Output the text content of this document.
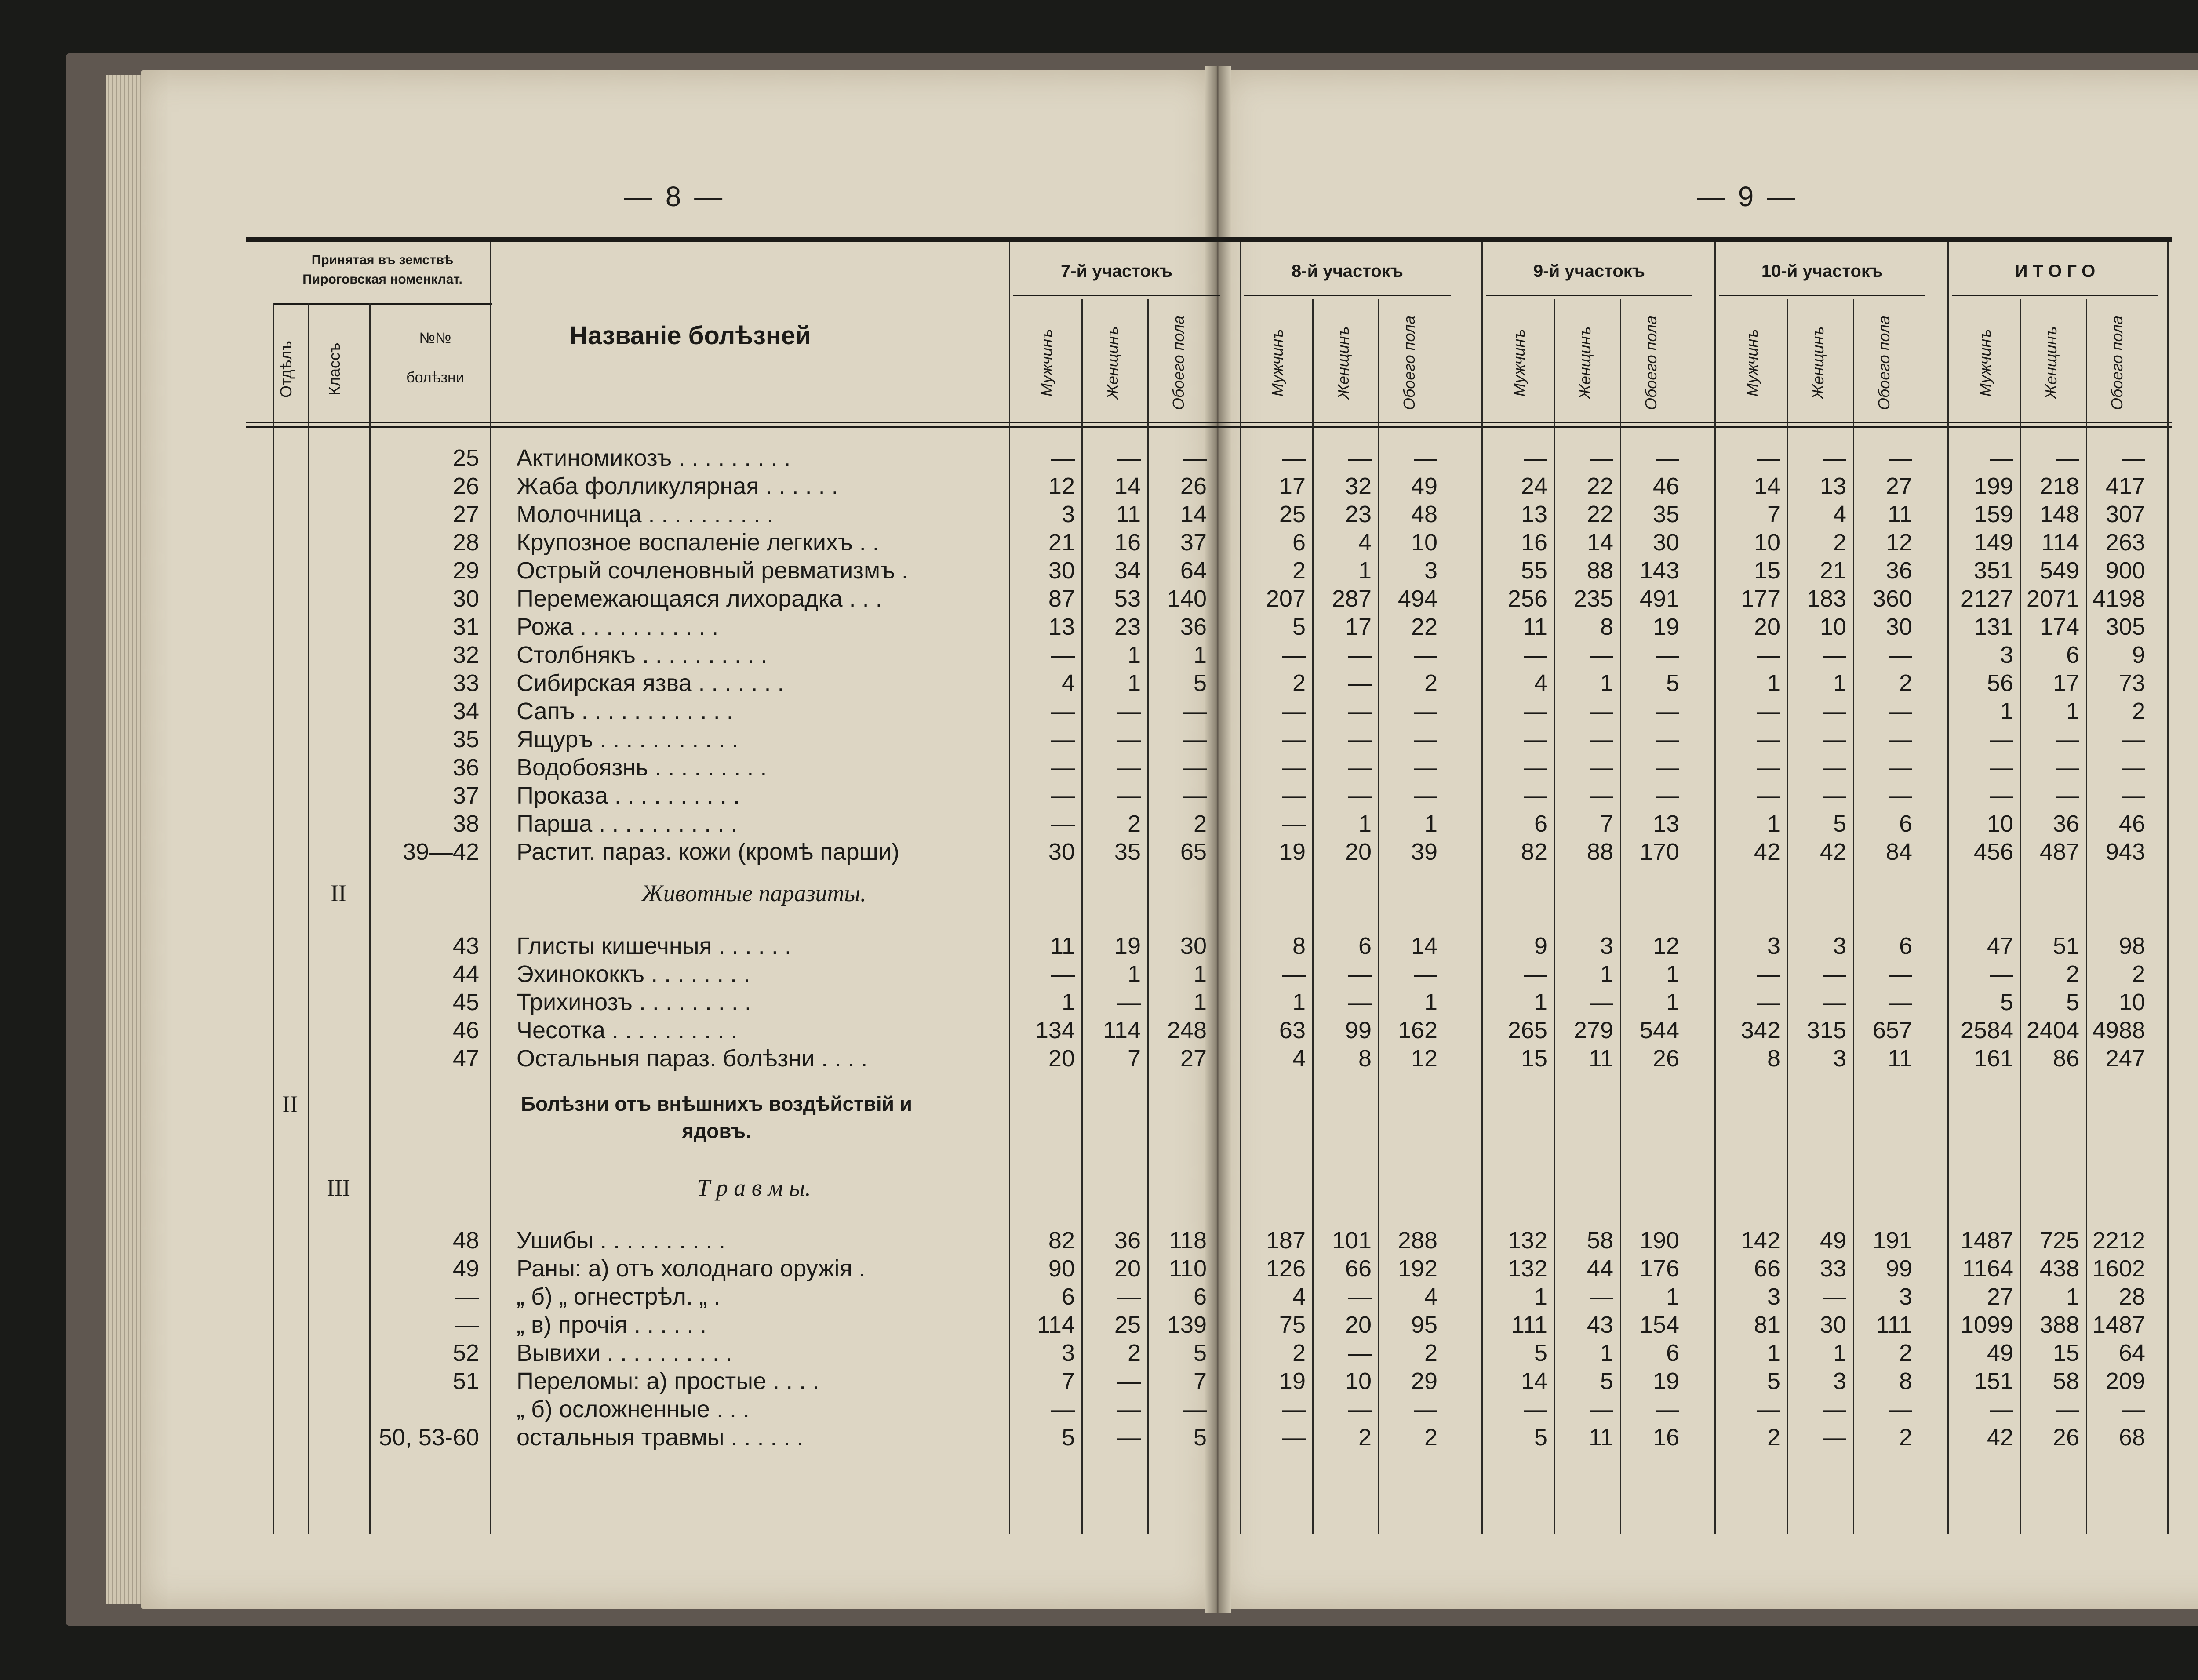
— 8 —	— 9 —
Принятая въ земствѣ Пироговская номенклат.
Отдѣлъ Классъ
№№
болѣзни
Названіе болѣзней
7-й участокъ
Мужчинъ	Женщинъ	Обоего пола
8-й участокъ
Мужчинъ	Женщинъ	Обоего пола
9-й участокъ
Мужчинъ	Женщинъ	Обоего пола
10-й участокъ
Мужчинъ	Женщинъ	Обоего пола
И Т О Г О
Мужчинъ	Женщинъ	Обоего пола
25 Актиномикозъ . . . . . . . . .	—	—	—	—	—	—	—	—	—	—	—	—	—	—	—
26 Жаба фолликулярная . . . . . .	12	14	26	17	32	49	24	22	46	14	13	27	199	218	417
27 Молочница . . . . . . . . . .	3	11	14	25	23	48	13	22	35	7	4	11	159	148	307
28 Крупозное воспаленіе легкихъ . .	21	16	37	6	4	10	16	14	30	10	2	12	149	114	263
29 Острый сочленовный ревматизмъ .	30	34	64	2	1	3	55	88	143	15	21	36	351	549	900
30 Перемежающаяся лихорадка . . .	87	53	140	207	287	494	256	235	491	177	183	360	2127 2071 4198
31 Рожа . . . . . . . . . . .	13	23	36	5	17	22	11	8	19	20	10	30	131	174	305
32 Столбнякъ . . . . . . . . . .	—	1	1	—	—	—	—	—	—	—	—	—	3	6	9
33 Сибирская язва . . . . . . .	4	1	5	2	—	2	4	1	5	1	1	2	56	17	73
34 Сапъ . . . . . . . . . . . .	—	—	—	—	—	—	—	—	—	—	—	—	1	1	2
35 Ящуръ . . . . . . . . . . .	—	—	—	—	—	—	—	—	—	—	—	—	—	—	—
36 Водобоязнь . . . . . . . . .	—	—	—	—	—	—	—	—	—	—	—	—	—	—	—
37 Проказа . . . . . . . . . .	—	—	—	—	—	—	—	—	—	—	—	—	—	—	—
38 Парша . . . . . . . . . . .	—	2	2	—	1	1	6	7	13	1	5	6	10	36	46
39—42 Растит. параз. кожи (кромѣ парши)	30	35	65	19	20	39	82	88	170	42	42	84	456	487	943
II	Животные паразиты.
43 Глисты кишечныя . . . . . .	11	19	30	8	6	14	9	3	12	3	3	6	47	51	98
44 Эхинококкъ . . . . . . . .	—	1	1	—	—	—	—	1	1	—	—	—	—	2	2
45 Трихинозъ . . . . . . . . .	1	—	1	1	—	1	1	—	1	—	—	—	5	5	10
46 Чесотка . . . . . . . . . .	134	114	248	63	99	162	265	279	544	342	315	657	2584 2404 4988
47 Остальныя параз. болѣзни . . . .	20	7	27	4	8	12	15	11	26	8	3	11	161	86	247
II	Болѣзни отъ внѣшнихъ воздѣйствій и ядовъ.
III	Т р а в м ы.
48 Ушибы . . . . . . . . . .	82	36	118	187	101	288	132	58	190	142	49	191	1487	725 2212
49 Раны: а) отъ холоднаго оружія .	90	20	110	126	66	192	132	44	176	66	33	99	1164	438 1602
— „ б) „ огнестрѣл. „ .	6	—	6	4	—	4	1	—	1	3	—	3	27	1	28
— „ в) прочія . . . . . .	114	25	139	75	20	95	111	43	154	81	30	111	1099	388 1487
52 Вывихи . . . . . . . . . .	3	2	5	2	—	2	5	1	6	1	1	2	49	15	64
51 Переломы: а) простые . . . .	7	—	7	19	10	29	14	5	19	5	3	8	151	58	209
„ б) осложненные . . .	—	—	—	—	—	—	—	—	—	—	—	—	—	—	—
50, 53-60 остальныя травмы . . . . . .	5	—	5	—	2	2	5	11	16	2	—	2	42	26	68
